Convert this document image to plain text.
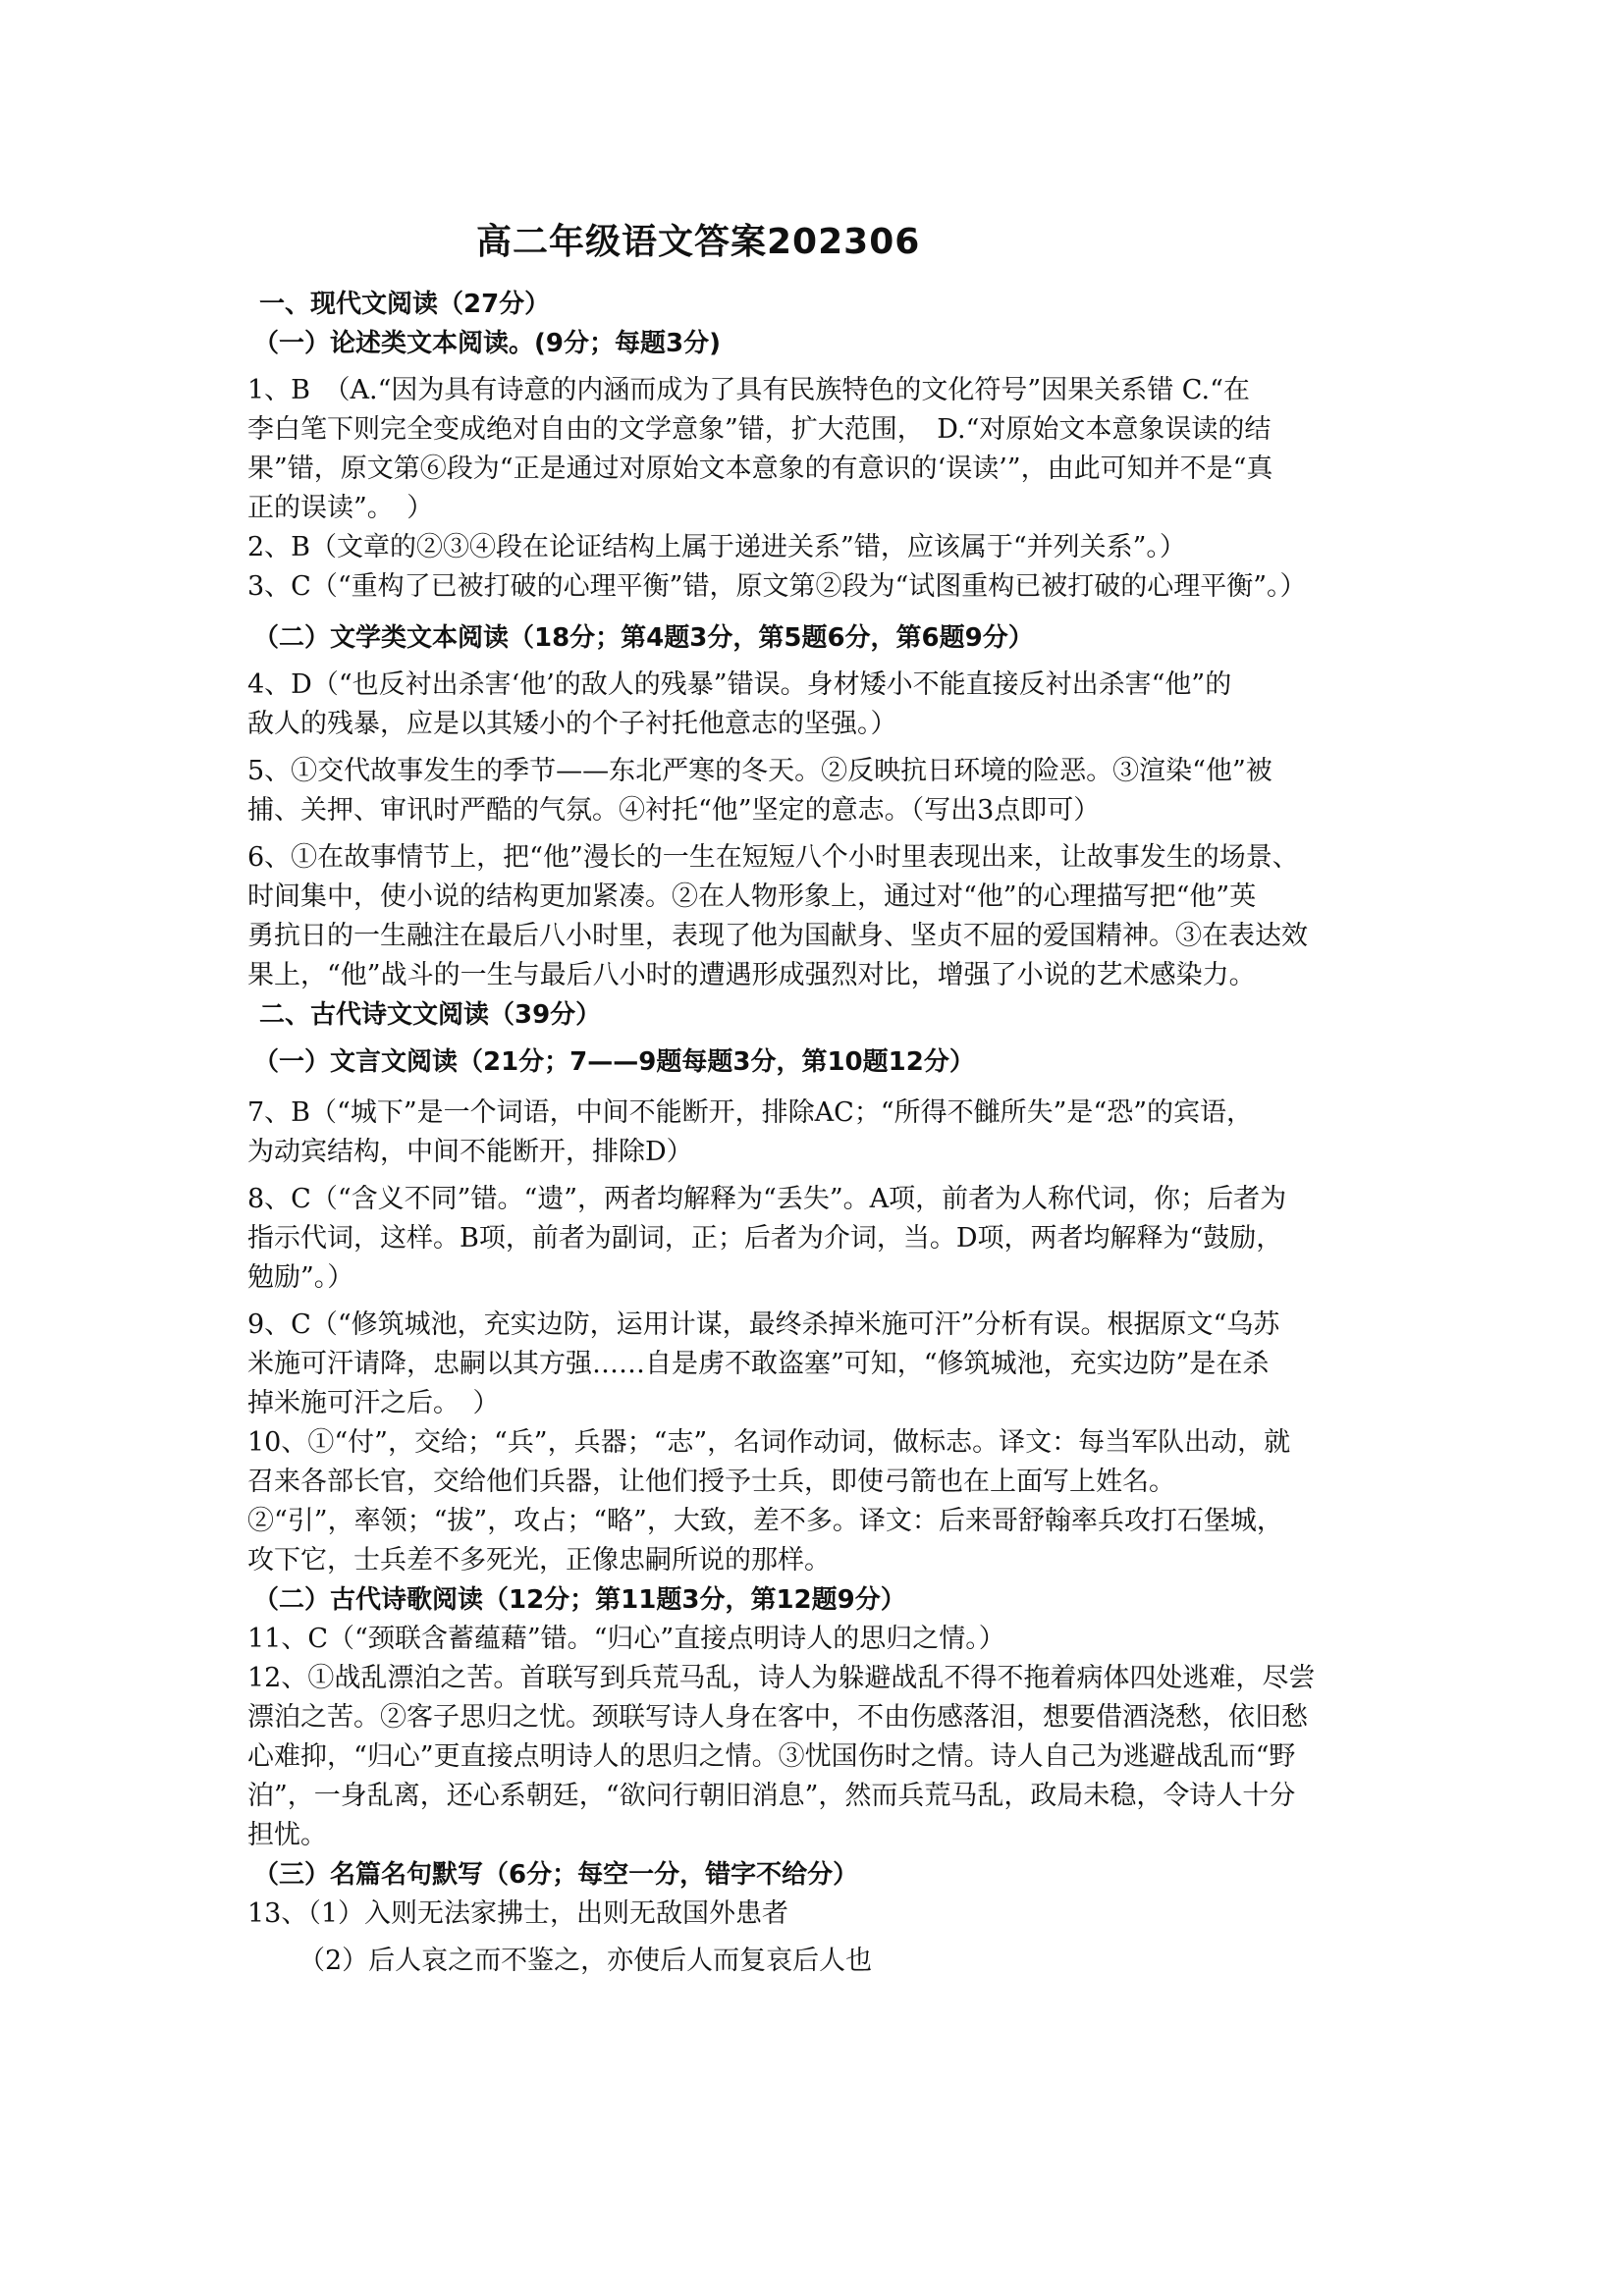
高二年级语文答案202306
一、现代文阅读（27分）
（一）论述类文本阅读。(9分；每题3分)
1、B　（A.“因为具有诗意的内涵而成为了具有民族特色的文化符号”因果关系错 C.“在
李白笔下则完全变成绝对自由的文学意象”错，扩大范围，　D.“对原始文本意象误读的结
果”错，原文第⑥段为“正是通过对原始文本意象的有意识的‘误读’”，由此可知并不是“真
正的误读”。　）
2、B（文章的②③④段在论证结构上属于递进关系”错，应该属于“并列关系”。）
3、C（“重构了已被打破的心理平衡”错，原文第②段为“试图重构已被打破的心理平衡”。）
（二）文学类文本阅读（18分；第4题3分，第5题6分，第6题9分）
4、D（“也反衬出杀害‘他’的敌人的残暴”错误。身材矮小不能直接反衬出杀害“他”的
敌人的残暴，应是以其矮小的个子衬托他意志的坚强。）
5、①交代故事发生的季节——东北严寒的冬天。②反映抗日环境的险恶。③渲染“他”被
捕、关押、审讯时严酷的气氛。④衬托“他”坚定的意志。（写出3点即可）
6、①在故事情节上，把“他”漫长的一生在短短八个小时里表现出来，让故事发生的场景、
时间集中，使小说的结构更加紧凑。②在人物形象上，通过对“他”的心理描写把“他”英
勇抗日的一生融注在最后八小时里，表现了他为国献身、坚贞不屈的爱国精神。③在表达效
果上，“他”战斗的一生与最后八小时的遭遇形成强烈对比，增强了小说的艺术感染力。
二、古代诗文文阅读（39分）
（一）文言文阅读（21分；7——9题每题3分，第10题12分）
7、B（“城下”是一个词语，中间不能断开，排除AC；“所得不雠所失”是“恐”的宾语，
为动宾结构，中间不能断开，排除D）
8、C（“含义不同”错。“遗”，两者均解释为“丢失”。A项，前者为人称代词，你；后者为
指示代词，这样。B项，前者为副词，正；后者为介词，当。D项，两者均解释为“鼓励，
勉励”。）
9、C（“修筑城池，充实边防，运用计谋，最终杀掉米施可汗”分析有误。根据原文“乌苏
米施可汗请降，忠嗣以其方强……自是虏不敢盗塞”可知，“修筑城池，充实边防”是在杀
掉米施可汗之后。　）
10、①“付”，交给；“兵”，兵器；“志”，名词作动词，做标志。译文：每当军队出动，就
召来各部长官，交给他们兵器，让他们授予士兵，即使弓箭也在上面写上姓名。
②“引”，率领；“拔”，攻占；“略”，大致，差不多。译文：后来哥舒翰率兵攻打石堡城，
攻下它，士兵差不多死光，正像忠嗣所说的那样。
（二）古代诗歌阅读（12分；第11题3分，第12题9分）
11、C（“颈联含蓄蕴藉”错。“归心”直接点明诗人的思归之情。）
12、①战乱漂泊之苦。首联写到兵荒马乱，诗人为躲避战乱不得不拖着病体四处逃难，尽尝
漂泊之苦。②客子思归之忧。颈联写诗人身在客中，不由伤感落泪，想要借酒浇愁，依旧愁
心难抑，“归心”更直接点明诗人的思归之情。③忧国伤时之情。诗人自己为逃避战乱而“野
泊”，一身乱离，还心系朝廷，“欲问行朝旧消息”，然而兵荒马乱，政局未稳，令诗人十分
担忧。
（三）名篇名句默写（6分；每空一分，错字不给分）
13、（1）入则无法家拂士，出则无敌国外患者
（2）后人哀之而不鉴之，亦使后人而复哀后人也
